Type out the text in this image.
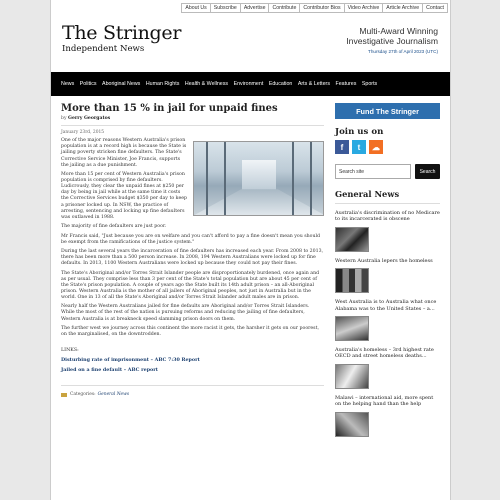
About Us	Subscribe	Advertise	Contribute	Contributor Bios	Video Archive	Article Archive	Contact
The Stringer
Independent News
Multi-Award Winning
Investigative Journalism
Thursday 27th of April 2023 (UTC)
News Politics Aboriginal News Human Rights Health & Wellness Environment Education Arts & Letters Features Sports
More than 15 % in jail for unpaid fines
by Gerry Georgatos
January 23rd, 2015

One of the major reasons Western Australia's prison population is at a record high is because the State is jailing poverty stricken fine defaulters. The State's Corrective Service Minister, Joe Francis, supports the jailing as a due punishment.

More than 15 per cent of Western Australia's prison population is comprised by fine defaulters. Ludicrously, they clear the unpaid fines at $250 per day by being in jail while at the same time it costs the Corrective Services budget $350 per day to keep a prisoner locked up. In NSW, the practice of arresting, sentencing and locking up fine defaulters was outlawed in 1988.

The majority of fine defaulters are just poor.

Mr Francis said, "Just because you are on welfare and you can't afford to pay a fine doesn't mean you should be exempt from the ramifications of the justice system."

During the last several years the incarceration of fine defaulters has increased each year. From 2008 to 2013, there has been more than a 500 person increase. In 2008, 194 Western Australians were locked up for fine defaults. In 2013, 1100 Western Australians were locked up because they could not pay their fines.

The State's Aboriginal and/or Torres Strait Islander people are disproportionately burdened, once again and as per usual. They comprise less than 3 per cent of the State's total population but are about 45 per cent of the State's prison population. A couple of years ago the State built its 14th adult prison – an all-Aboriginal prison. Western Australia is the mother of all jailers of Aboriginal peoples, not just in Australia but in the world. One in 13 of all the State's Aboriginal and/or Torres Strait Islander adult males are in prison.

Nearly half the Western Australians jailed for fine defaults are Aboriginal and/or Torres Strait Islanders. While the most of the rest of the nation is pursuing reforms and reducing the jailing of fine defaulters, Western Australia is at breakneck speed slamming prison doors on them.

The further west we journey across this continent the more racist it gets, the harsher it gets on our poorest, on the marginalised, on the downtrodden.

LINKS:
Disturbing rate of imprisonment – ABC 7:30 Report
Jailed on a fine default – ABC report
Categories: General News
Fund The Stringer
Join us on
f	t	☁
Search site	Search
General News
Australia's discrimination of no Medicare to its incarcerated is obscene
Western Australia lepers the homeless
West Australia is to Australia what once Alabama was to the United States – a...
Australia's homeless – 3rd highest rate OECD and street homeless deaths...
Malawi – international aid, more spent on the helping hand than the help
